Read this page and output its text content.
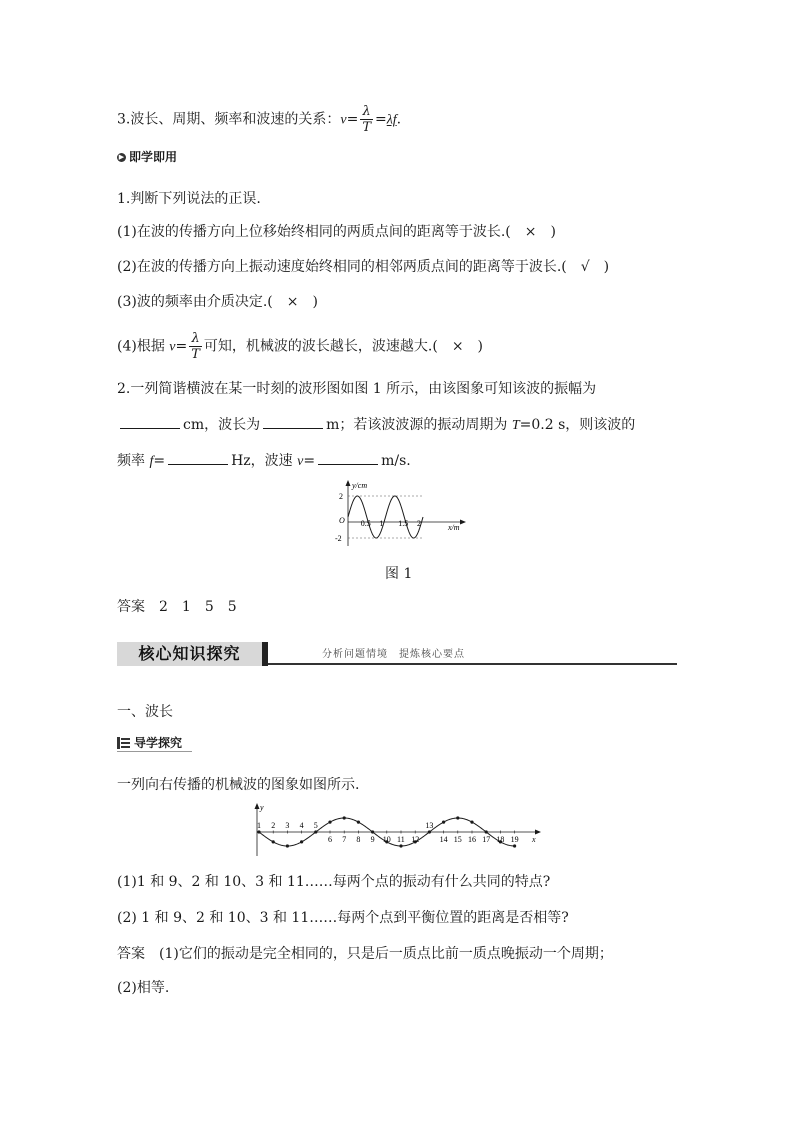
3.波长、周期、频率和波速的关系：$v= \frac{\lambda}{T} =\lambda f$.
▶ 即学即用
1.判断下列说法的正误.
(1)在波的传播方向上位移始终相同的两质点间的距离等于波长.(　×　)
(2)在波的传播方向上振动速度始终相同的相邻两质点间的距离等于波长.(　√　)
(3)波的频率由介质决定.(　×　)
(4)根据 $v= \frac{\lambda}{T}$ 可知，机械波的波长越长，波速越大.(　×　)
2.一列简谐横波在某一时刻的波形图如图 1 所示，由该图象可知该波的振幅为
cm，波长为	m；若该波波源的振动周期为 T=0.2 s，则该波的
频率 f=	Hz，波速 v=	m/s.
y/cm
2
-2
O 0.5 1 1.5 2	x/m
图 1
答案　2　1　5　5
核心知识探究	分析问题情境　提炼核心要点
一、波长
导学探究
一列向右传播的机械波的图象如图所示.
y
x
1 2 3 4 5
6 7 8 9 10 11 12
13
14 15 16 17 18 19
(1)1 和 9、2 和 10、3 和 11……每两个点的振动有什么共同的特点?
(2) 1 和 9、2 和 10、3 和 11……每两个点到平衡位置的距离是否相等?
答案　(1)它们的振动是完全相同的，只是后一质点比前一质点晚振动一个周期；
(2)相等.
